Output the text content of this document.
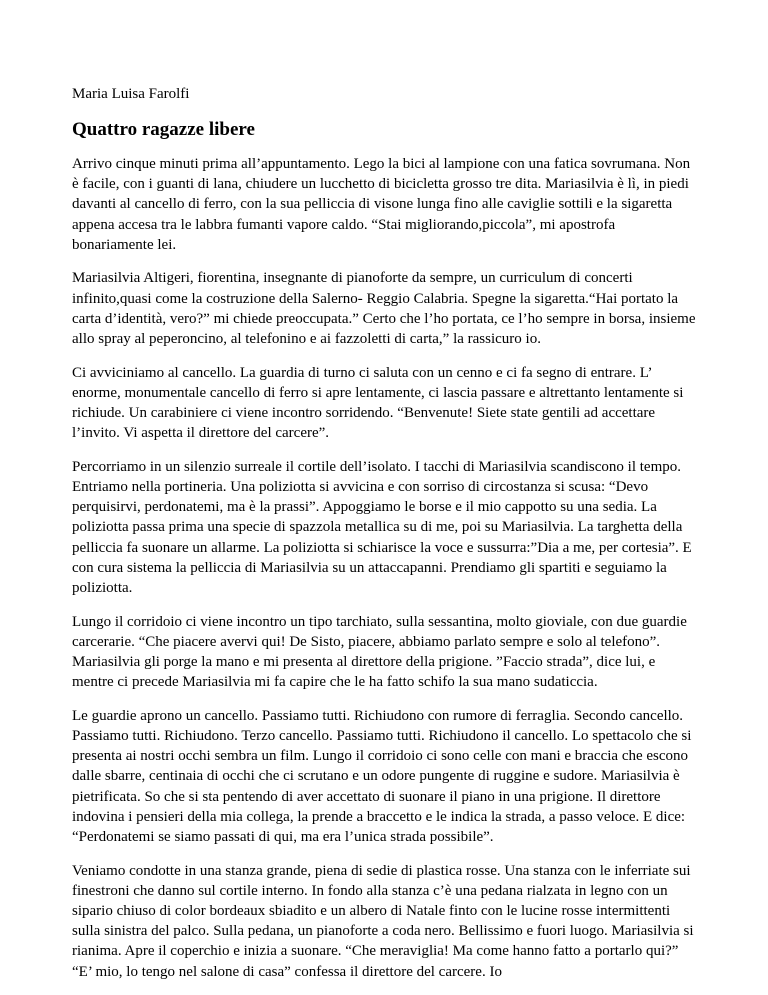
Maria Luisa Farolfi

Quattro ragazze libere

Arrivo cinque minuti prima all’appuntamento. Lego la bici al lampione con una fatica sovrumana. Non è facile, con i guanti di lana, chiudere un lucchetto di bicicletta grosso tre dita. Mariasilvia è lì, in piedi davanti al cancello di ferro, con la sua pelliccia di visone lunga fino alle caviglie sottili e la sigaretta appena accesa tra le labbra fumanti vapore caldo. “Stai migliorando,piccola”, mi apostrofa bonariamente lei.

Mariasilvia Altigeri, fiorentina, insegnante di pianoforte da sempre, un curriculum di concerti infinito,quasi come la costruzione della Salerno- Reggio Calabria. Spegne la sigaretta.“Hai portato la carta d’identità, vero?” mi chiede preoccupata.” Certo che l’ho portata, ce l’ho sempre in borsa, insieme allo spray al peperoncino, al telefonino e ai fazzoletti di carta,” la rassicuro io.

Ci avviciniamo al cancello. La guardia di turno ci saluta con un cenno e ci fa segno di entrare. L’ enorme, monumentale cancello di ferro si apre lentamente, ci lascia passare e altrettanto lentamente si richiude. Un carabiniere ci viene incontro sorridendo. “Benvenute! Siete state gentili ad accettare l’invito. Vi aspetta il direttore del carcere”.

Percorriamo in un silenzio surreale il cortile dell’isolato. I tacchi di Mariasilvia scandiscono il tempo. Entriamo nella portineria. Una poliziotta si avvicina e con sorriso di circostanza si scusa: “Devo perquisirvi, perdonatemi, ma è la prassi”. Appoggiamo le borse e il mio cappotto su una sedia. La poliziotta passa prima una specie di spazzola metallica su di me, poi su Mariasilvia. La targhetta della pelliccia fa suonare un allarme. La poliziotta si schiarisce la voce e sussurra:”Dia a me, per cortesia”. E con cura sistema la pelliccia di Mariasilvia su un attaccapanni. Prendiamo gli spartiti e seguiamo la poliziotta.

Lungo il corridoio ci viene incontro un tipo tarchiato, sulla sessantina, molto gioviale, con due guardie carcerarie. “Che piacere avervi qui! De Sisto, piacere, abbiamo parlato sempre e solo al telefono”. Mariasilvia gli porge la mano e mi presenta al direttore della prigione. ”Faccio strada”, dice lui, e mentre ci precede Mariasilvia mi fa capire che le ha fatto schifo la sua mano sudaticcia.

Le guardie aprono un cancello. Passiamo tutti. Richiudono con rumore di ferraglia. Secondo cancello. Passiamo tutti. Richiudono. Terzo cancello. Passiamo tutti. Richiudono il cancello. Lo spettacolo che si presenta ai nostri occhi sembra un film. Lungo il corridoio ci sono celle con mani e braccia che escono dalle sbarre, centinaia di occhi che ci scrutano e un odore pungente di ruggine e sudore. Mariasilvia è pietrificata. So che si sta pentendo di aver accettato di suonare il piano in una prigione. Il direttore indovina i pensieri della mia collega, la prende a braccetto e le indica la strada, a passo veloce. E dice: “Perdonatemi se siamo passati di qui, ma era l’unica strada possibile”.

Veniamo condotte in una stanza grande, piena di sedie di plastica rosse. Una stanza con le inferriate sui finestroni che danno sul cortile interno. In fondo alla stanza c’è una pedana rialzata in legno con un sipario chiuso di color bordeaux sbiadito e un albero di Natale finto con le lucine rosse intermittenti sulla sinistra del palco. Sulla pedana, un pianoforte a coda nero. Bellissimo e fuori luogo. Mariasilvia si rianima. Apre il coperchio e inizia a suonare. “Che meraviglia! Ma come hanno fatto a portarlo qui?” “E’ mio, lo tengo nel salone di casa” confessa il direttore del carcere. Io
